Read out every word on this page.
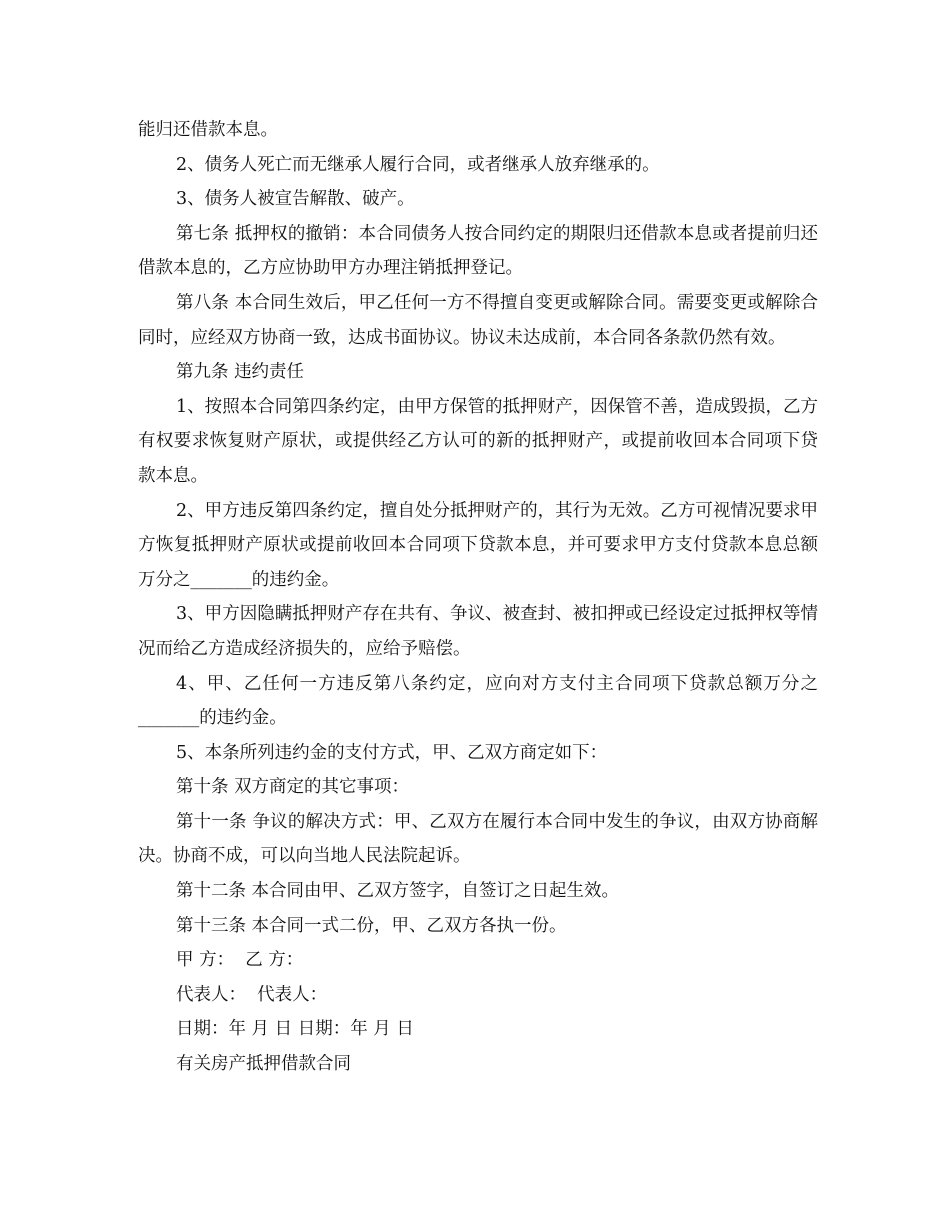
能归还借款本息。

2、债务人死亡而无继承人履行合同，或者继承人放弃继承的。

3、债务人被宣告解散、破产。

第七条 抵押权的撤销：本合同债务人按合同约定的期限归还借款本息或者提前归还借款本息的，乙方应协助甲方办理注销抵押登记。

第八条 本合同生效后，甲乙任何一方不得擅自变更或解除合同。需要变更或解除合同时，应经双方协商一致，达成书面协议。协议未达成前，本合同各条款仍然有效。

第九条 违约责任

1、按照本合同第四条约定，由甲方保管的抵押财产，因保管不善，造成毁损，乙方有权要求恢复财产原状，或提供经乙方认可的新的抵押财产，或提前收回本合同项下贷款本息。

2、甲方违反第四条约定，擅自处分抵押财产的，其行为无效。乙方可视情况要求甲方恢复抵押财产原状或提前收回本合同项下贷款本息，并可要求甲方支付贷款本息总额万分之_______的违约金。

3、甲方因隐瞒抵押财产存在共有、争议、被查封、被扣押或已经设定过抵押权等情况而给乙方造成经济损失的，应给予赔偿。

4、甲、乙任何一方违反第八条约定，应向对方支付主合同项下贷款总额万分之_______的违约金。

5、本条所列违约金的支付方式，甲、乙双方商定如下：

第十条 双方商定的其它事项：

第十一条 争议的解决方式：甲、乙双方在履行本合同中发生的争议，由双方协商解决。协商不成，可以向当地人民法院起诉。

第十二条 本合同由甲、乙双方签字，自签订之日起生效。

第十三条 本合同一式二份，甲、乙双方各执一份。

甲 方：  乙 方：

代表人：  代表人：

日期：年 月 日 日期：年 月 日

有关房产抵押借款合同
